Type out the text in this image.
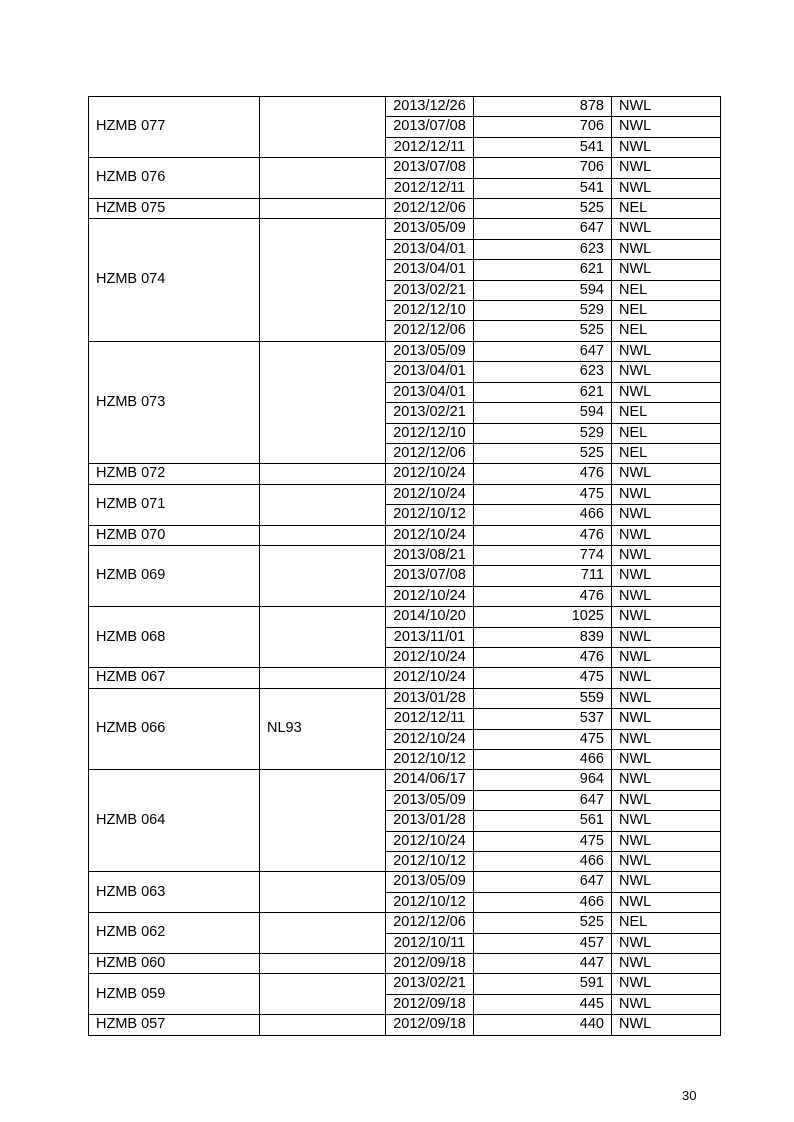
HZMB 077		2013/12/26	878	NWL
		2013/07/08	706	NWL
		2012/12/11	541	NWL
HZMB 076		2013/07/08	706	NWL
		2012/12/11	541	NWL
HZMB 075		2012/12/06	525	NEL
HZMB 074		2013/05/09	647	NWL
		2013/04/01	623	NWL
		2013/04/01	621	NWL
		2013/02/21	594	NEL
		2012/12/10	529	NEL
		2012/12/06	525	NEL
HZMB 073		2013/05/09	647	NWL
		2013/04/01	623	NWL
		2013/04/01	621	NWL
		2013/02/21	594	NEL
		2012/12/10	529	NEL
		2012/12/06	525	NEL
HZMB 072		2012/10/24	476	NWL
HZMB 071		2012/10/24	475	NWL
		2012/10/12	466	NWL
HZMB 070		2012/10/24	476	NWL
HZMB 069		2013/08/21	774	NWL
		2013/07/08	711	NWL
		2012/10/24	476	NWL
HZMB 068		2014/10/20	1025	NWL
		2013/11/01	839	NWL
		2012/10/24	476	NWL
HZMB 067		2012/10/24	475	NWL
HZMB 066	NL93	2013/01/28	559	NWL
		2012/12/11	537	NWL
		2012/10/24	475	NWL
		2012/10/12	466	NWL
HZMB 064		2014/06/17	964	NWL
		2013/05/09	647	NWL
		2013/01/28	561	NWL
		2012/10/24	475	NWL
		2012/10/12	466	NWL
HZMB 063		2013/05/09	647	NWL
		2012/10/12	466	NWL
HZMB 062		2012/12/06	525	NEL
		2012/10/11	457	NWL
HZMB 060		2012/09/18	447	NWL
HZMB 059		2013/02/21	591	NWL
		2012/09/18	445	NWL
HZMB 057		2012/09/18	440	NWL
30
